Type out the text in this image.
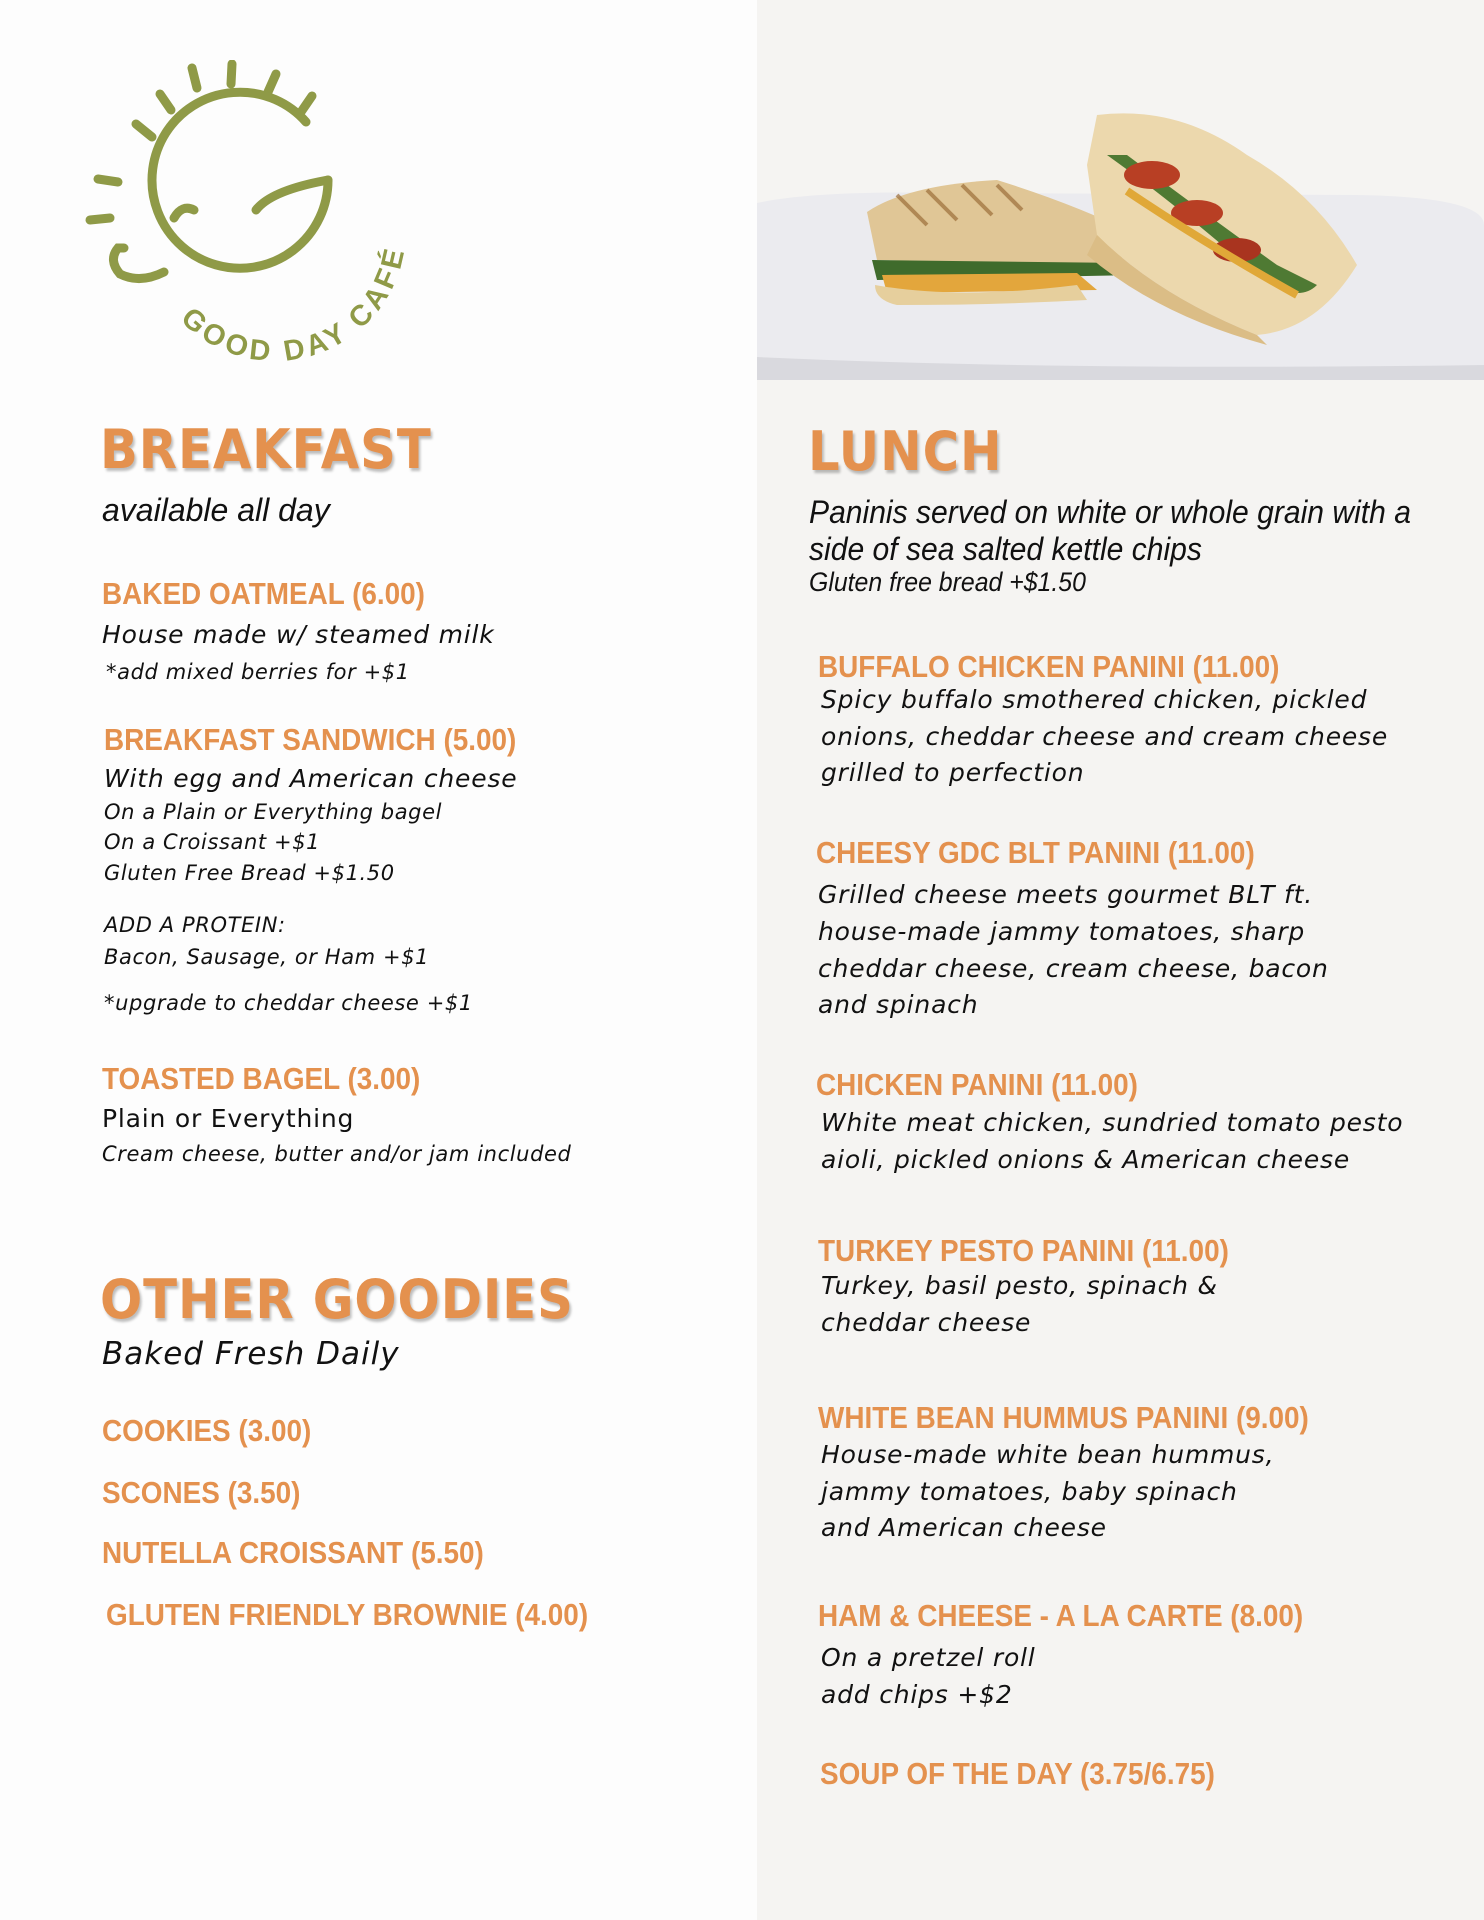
GOOD DAY CAFÉ
BREAKFAST
available all day
BAKED OATMEAL (6.00)
House made w/ steamed milk
*add mixed berries for +$1
BREAKFAST SANDWICH (5.00)
With egg and American cheese
On a Plain or Everything bagel
On a Croissant +$1
Gluten Free Bread +$1.50
ADD A PROTEIN:
Bacon, Sausage, or Ham +$1
*upgrade to cheddar cheese +$1
TOASTED BAGEL (3.00)
Plain or Everything
Cream cheese, butter and/or jam included
OTHER GOODIES
Baked Fresh Daily
COOKIES (3.00)
SCONES (3.50)
NUTELLA CROISSANT (5.50)
GLUTEN FRIENDLY BROWNIE (4.00)
LUNCH
Paninis served on white or whole grain with a
side of sea salted kettle chips
Gluten free bread +$1.50
BUFFALO CHICKEN PANINI (11.00)
Spicy buffalo smothered chicken, pickled
onions, cheddar cheese and cream cheese
grilled to perfection
CHEESY GDC BLT PANINI (11.00)
Grilled cheese meets gourmet BLT ft.
house-made jammy tomatoes, sharp
cheddar cheese, cream cheese, bacon
and spinach
CHICKEN PANINI (11.00)
White meat chicken, sundried tomato pesto
aioli, pickled onions & American cheese
TURKEY PESTO PANINI (11.00)
Turkey, basil pesto, spinach &
cheddar cheese
WHITE BEAN HUMMUS PANINI (9.00)
House-made white bean hummus,
jammy tomatoes, baby spinach
and American cheese
HAM & CHEESE - A LA CARTE (8.00)
On a pretzel roll
add chips +$2
SOUP OF THE DAY (3.75/6.75)
